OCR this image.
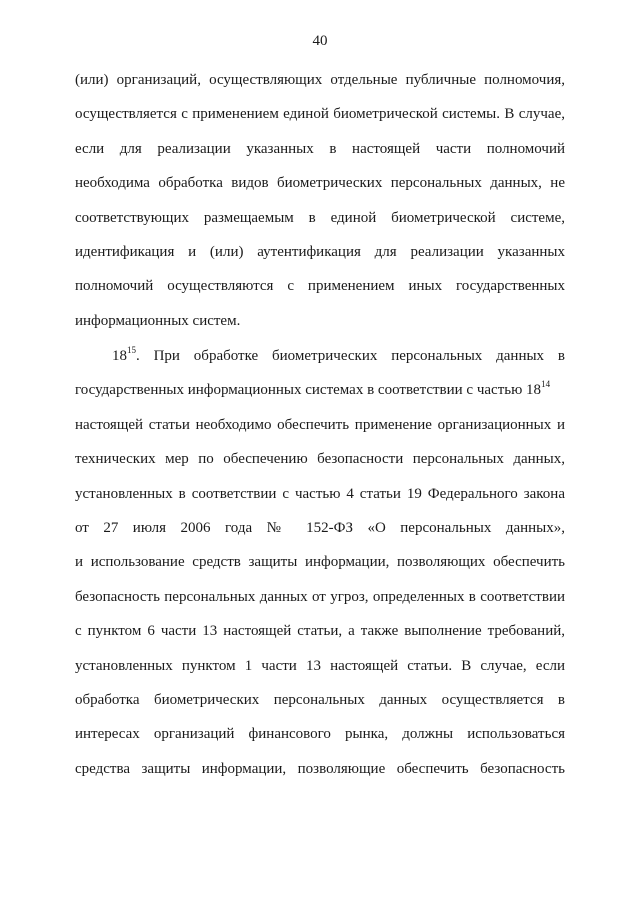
40
(или) организаций, осуществляющих отдельные публичные полномочия,
осуществляется с применением единой биометрической системы. В случае,
если для реализации указанных в настоящей части полномочий
необходима обработка видов биометрических персональных данных, не
соответствующих размещаемым в единой биометрической системе,
идентификация и (или) аутентификация для реализации указанных
полномочий осуществляются с применением иных государственных
информационных систем.
$18^{15}$. При обработке биометрических персональных данных в
государственных информационных системах в соответствии с частью $18^{14}$
настоящей статьи необходимо обеспечить применение организационных и
технических мер по обеспечению безопасности персональных данных,
установленных в соответствии с частью 4 статьи 19 Федерального закона
от 27 июля 2006 года № 152-ФЗ «О персональных данных»,
и использование средств защиты информации, позволяющих обеспечить
безопасность персональных данных от угроз, определенных в соответствии
с пунктом 6 части 13 настоящей статьи, а также выполнение требований,
установленных пунктом 1 части 13 настоящей статьи. В случае, если
обработка биометрических персональных данных осуществляется в
интересах организаций финансового рынка, должны использоваться
средства защиты информации, позволяющие обеспечить безопасность
